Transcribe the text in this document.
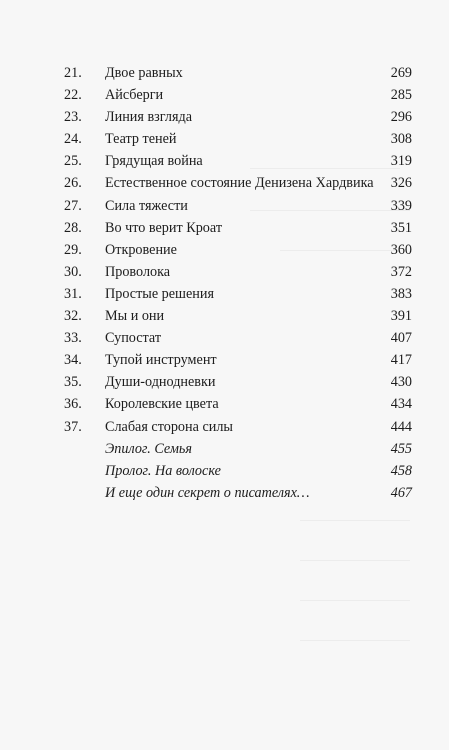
21. Двое равных	269
22. Айсберги	285
23. Линия взгляда	296
24. Театр теней	308
25. Грядущая война	319
26. Естественное состояние Денизена Хардвика 326
27. Сила тяжести	339
28. Во что верит Кроат	351
29. Откровение	360
30. Проволока	372
31. Простые решения	383
32. Мы и они	391
33. Супостат	407
34. Тупой инструмент	417
35. Души-однодневки	430
36. Королевские цвета	434
37. Слабая сторона силы	444
Эпилог. Семья	455
Пролог. На волоске	458
И еще один секрет о писателях…	467
